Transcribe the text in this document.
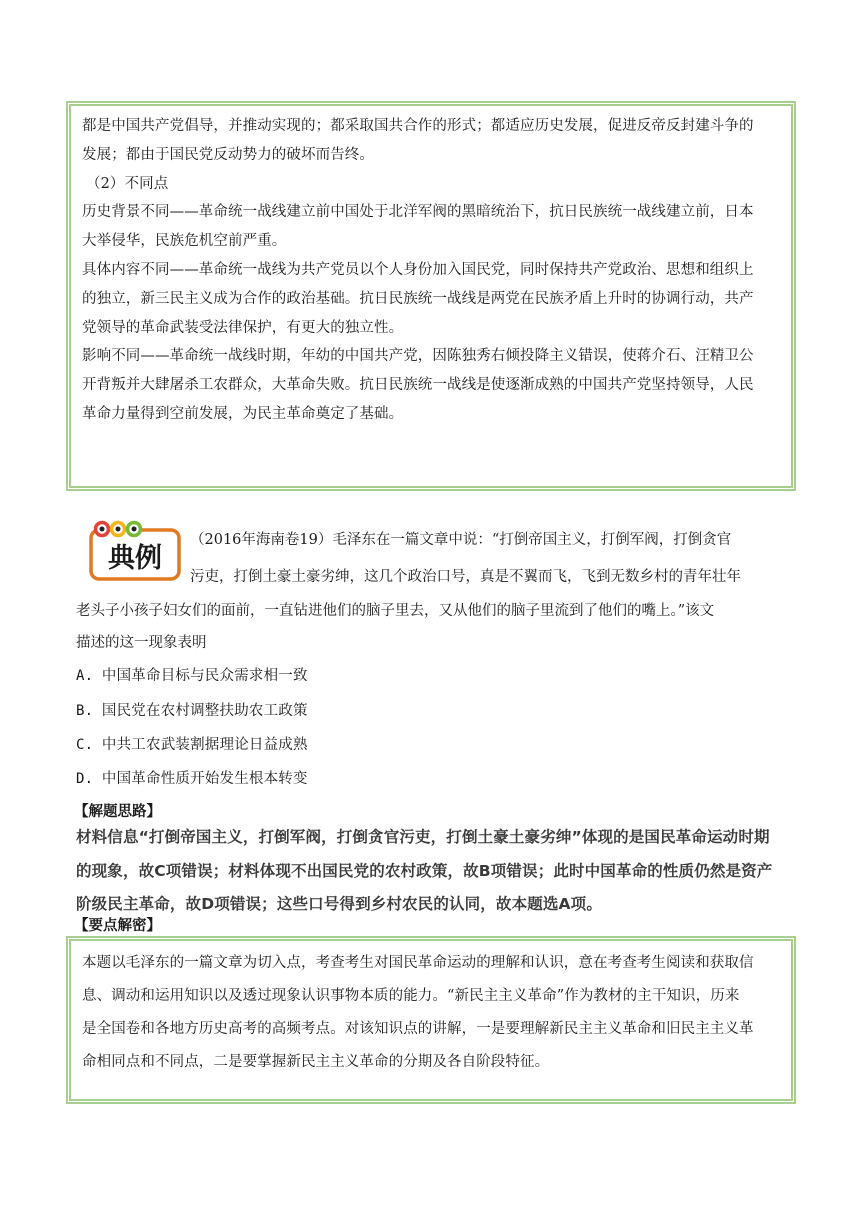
都是中国共产党倡导，并推动实现的；都采取国共合作的形式；都适应历史发展，促进反帝反封建斗争的
发展；都由于国民党反动势力的破坏而告终。
（2）不同点
历史背景不同——革命统一战线建立前中国处于北洋军阀的黑暗统治下，抗日民族统一战线建立前，日本
大举侵华，民族危机空前严重。
具体内容不同——革命统一战线为共产党员以个人身份加入国民党，同时保持共产党政治、思想和组织上
的独立，新三民主义成为合作的政治基础。抗日民族统一战线是两党在民族矛盾上升时的协调行动，共产
党领导的革命武装受法律保护，有更大的独立性。
影响不同——革命统一战线时期，年幼的中国共产党，因陈独秀右倾投降主义错误，使蒋介石、汪精卫公
开背叛并大肆屠杀工农群众，大革命失败。抗日民族统一战线是使逐渐成熟的中国共产党坚持领导，人民
革命力量得到空前发展，为民主革命奠定了基础。
典例
（2016年海南卷19）毛泽东在一篇文章中说：“打倒帝国主义，打倒军阀，打倒贪官
污吏，打倒土豪土豪劣绅，这几个政治口号，真是不翼而飞，飞到无数乡村的青年壮年
老头子小孩子妇女们的面前，一直钻进他们的脑子里去，又从他们的脑子里流到了他们的嘴上。”该文
描述的这一现象表明
A. 中国革命目标与民众需求相一致
B. 国民党在农村调整扶助农工政策
C. 中共工农武装割据理论日益成熟
D. 中国革命性质开始发生根本转变
【解题思路】
材料信息“打倒帝国主义，打倒军阀，打倒贪官污吏，打倒土豪土豪劣绅”体现的是国民革命运动时期
的现象，故C项错误；材料体现不出国民党的农村政策，故B项错误；此时中国革命的性质仍然是资产
阶级民主革命，故D项错误；这些口号得到乡村农民的认同，故本题选A项。
【要点解密】
本题以毛泽东的一篇文章为切入点，考查考生对国民革命运动的理解和认识，意在考查考生阅读和获取信
息、调动和运用知识以及透过现象认识事物本质的能力。“新民主主义革命”作为教材的主干知识，历来
是全国卷和各地方历史高考的高频考点。对该知识点的讲解，一是要理解新民主主义革命和旧民主主义革
命相同点和不同点，二是要掌握新民主主义革命的分期及各自阶段特征。
